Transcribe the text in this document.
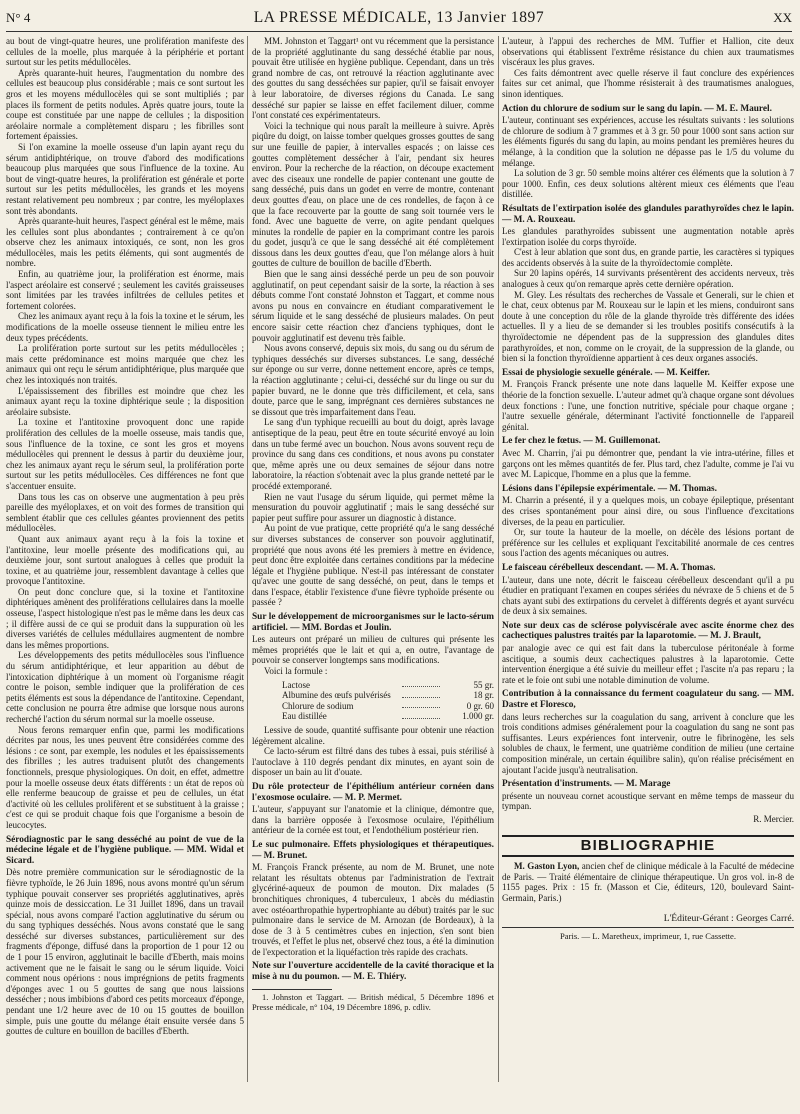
N° 4	LA PRESSE MÉDICALE, 13 Janvier 1897	XX

au bout de vingt-quatre heures, une prolifération manifeste des cellules de la moelle, plus marquée à la périphérie et portant surtout sur les petits médullocèles.

Après quarante-huit heures, l'augmentation du nombre des cellules est beaucoup plus considérable ; mais ce sont surtout les gros et les moyens médullocèles qui se sont multipliés ; par places ils forment de petits nodules. Après quatre jours, toute la coupe est constituée par une nappe de cellules ; la disposition aréolaire normale a complètement disparu ; les fibrilles sont fortement épaissies.

Si l'on examine la moelle osseuse d'un lapin ayant reçu du sérum antidiphtérique, on trouve d'abord des modifications beaucoup plus marquées que sous l'influence de la toxine. Au bout de vingt-quatre heures, la prolifération est générale et porte surtout sur les petits médullocèles, les grands et les moyens restant relativement peu nombreux ; par contre, les myéloplaxes sont très abondants.

Après quarante-huit heures, l'aspect général est le même, mais les cellules sont plus abondantes ; contrairement à ce qu'on observe chez les animaux intoxiqués, ce sont, non les gros médullocèles, mais les petits éléments, qui sont augmentés de nombre.

Enfin, au quatrième jour, la prolifération est énorme, mais l'aspect aréolaire est conservé ; seulement les cavités graisseuses sont limitées par les travées infiltrées de cellules petites et fortement colorées.

Chez les animaux ayant reçu à la fois la toxine et le sérum, les modifications de la moelle osseuse tiennent le milieu entre les deux types précédents.

La prolifération porte surtout sur les petits médullocèles ; mais cette prédominance est moins marquée que chez les animaux qui ont reçu le sérum antidiphtérique, plus marquée que chez les intoxiqués non traités.

L'épaississement des fibrilles est moindre que chez les animaux ayant reçu la toxine diphtérique seule ; la disposition aréolaire subsiste.

La toxine et l'antitoxine provoquent donc une rapide prolifération des cellules de la moelle osseuse, mais tandis que, sous l'influence de la toxine, ce sont les gros et moyens médullocèles qui prennent le dessus à partir du deuxième jour, chez les animaux ayant reçu le sérum seul, la prolifération porte surtout sur les petits médullocèles. Ces différences ne font que s'accentuer ensuite.

Dans tous les cas on observe une augmentation à peu près pareille des myéloplaxes, et on voit des formes de transition qui semblent établir que ces cellules géantes proviennent des petits médullocèles.

Quant aux animaux ayant reçu à la fois la toxine et l'antitoxine, leur moelle présente des modifications qui, au deuxième jour, sont surtout analogues à celles que produit la toxine, et au quatrième jour, ressemblent davantage à celles que provoque l'antitoxine.

On peut donc conclure que, si la toxine et l'antitoxine diphtériques amènent des proliférations cellulaires dans la moelle osseuse, l'aspect histologique n'est pas le même dans les deux cas ; il diffère aussi de ce qui se produit dans la suppuration où les diverses variétés de cellules médullaires augmentent de nombre dans les mêmes proportions.

Les développements des petits médullocèles sous l'influence du sérum antidiphtérique, et leur apparition au début de l'intoxication diphtérique à un moment où l'organisme réagit contre le poison, semble indiquer que la prolifération de ces petits éléments est sous la dépendance de l'antitoxine. Cependant, cette conclusion ne pourra être admise que lorsque nous aurons recherché l'action du sérum normal sur la moelle osseuse.

Nous ferons remarquer enfin que, parmi les modifications décrites par nous, les unes peuvent être considérées comme des lésions : ce sont, par exemple, les nodules et les épaississements des fibrilles ; les autres traduisent plutôt des changements fonctionnels, presque physiologiques. On doit, en effet, admettre pour la moelle osseuse deux états différents : un état de repos où elle renferme beaucoup de graisse et peu de cellules, un état d'activité où les cellules prolifèrent et se substituent à la graisse ; c'est ce qui se produit chaque fois que l'organisme a besoin de leucocytes.

Sérodiagnostic par le sang desséché au point de vue de la médecine légale et de l'hygiène publique. — MM. Widal et Sicard.

Dès notre première communication sur le sérodiagnostic de la fièvre typhoïde, le 26 Juin 1896, nous avons montré qu'un sérum typhique pouvait conserver ses propriétés agglutinatives, après quinze mois de dessiccation. Le 31 Juillet 1896, dans un travail spécial, nous avons comparé l'action agglutinative du sérum ou du sang typhiques desséchés. Nous avons constaté que le sang desséché sur diverses substances, particulièrement sur des fragments d'éponge, diffusé dans la proportion de 1 pour 12 ou de 1 pour 15 environ, agglutinait le bacille d'Eberth, mais moins activement que ne le faisait le sang ou le sérum liquide. Voici comment nous opérions : nous imprégnions de petits fragments d'éponges avec 1 ou 5 gouttes de sang que nous laissions dessécher ; nous imbibions d'abord ces petits morceaux d'éponge, pendant une 1/2 heure avec de 10 ou 15 gouttes de bouillon simple, puis une goutte du mélange était ensuite versée dans 5 gouttes de culture en bouillon de bacilles d'Eberth.

MM. Johnston et Taggart¹ ont vu récemment que la persistance de la propriété agglutinante du sang desséché établie par nous, pouvait être utilisée en hygiène publique. Cependant, dans un très grand nombre de cas, ont retrouvé la réaction agglutinante avec des gouttes du sang desséchées sur papier, qu'il se faisait envoyer à leur laboratoire, de diverses régions du Canada. Le sang desséché sur papier se laisse en effet facilement diluer, comme l'ont constaté ces expérimentateurs.

Voici la technique qui nous paraît la meilleure à suivre. Après piqûre du doigt, on laisse tomber quelques grosses gouttes de sang sur une feuille de papier, à intervalles espacés ; on laisse ces gouttes complètement dessécher à l'air, pendant six heures environ. Pour la recherche de la réaction, on découpe exactement avec des ciseaux une rondelle de papier contenant une goutte de sang desséché, puis dans un godet en verre de montre, contenant deux gouttes d'eau, on place une de ces rondelles, de façon à ce que la face recouverte par la goutte de sang soit tournée vers le fond. Avec une baguette de verre, on agite pendant quelques minutes la rondelle de papier en la comprimant contre les parois du godet, jusqu'à ce que le sang desséché ait été complètement dissous dans les deux gouttes d'eau, que l'on mélange alors à huit gouttes de culture de bouillon de bacille d'Eberth.

Bien que le sang ainsi desséché perde un peu de son pouvoir agglutinatif, on peut cependant saisir de la sorte, la réaction à ses débuts comme l'ont constaté Johnston et Taggart, et comme nous avons pu nous en convaincre en étudiant comparativement le sérum liquide et le sang desséché de plusieurs malades. On peut encore saisir cette réaction chez d'anciens typhiques, dont le pouvoir agglutinatif est devenu très faible.

Nous avons conservé, depuis six mois, du sang ou du sérum de typhiques desséchés sur diverses substances. Le sang, desséché sur éponge ou sur verre, donne nettement encore, après ce temps, la réaction agglutinante ; celui-ci, desséché sur du linge ou sur du papier buvard, ne le donne que très difficilement, et cela, sans doute, parce que le sang, imprégnant ces dernières substances ne se dissout que très imparfaitement dans l'eau.

Le sang d'un typhique recueilli au bout du doigt, après lavage antiseptique de la peau, peut être en toute sécurité envoyé au loin dans un tube fermé avec un bouchon. Nous avons souvent reçu de province du sang dans ces conditions, et nous avons pu constater que, même après une ou deux semaines de séjour dans notre laboratoire, la réaction s'obtenait avec la plus grande netteté par le procédé extemporané.

Rien ne vaut l'usage du sérum liquide, qui permet même la mensuration du pouvoir agglutinatif ; mais le sang desséché sur papier peut suffire pour assurer un diagnostic à distance.

Au point de vue pratique, cette propriété qu'a le sang desséché sur diverses substances de conserver son pouvoir agglutinatif, propriété que nous avons été les premiers à mettre en évidence, peut donc être exploitée dans certaines conditions par la médecine légale et l'hygiène publique. N'est-il pas intéressant de constater qu'avec une goutte de sang desséché, on peut, dans le temps et dans l'espace, établir l'existence d'une fièvre typhoïde présente ou passée ?

Sur le développement de microorganismes sur le lacto-sérum artificiel. — MM. Bordas et Joulin.

Les auteurs ont préparé un milieu de cultures qui présente les mêmes propriétés que le lait et qui a, en outre, l'avantage de pouvoir se conserver longtemps sans modifications.

Voici la formule :

Lactose	55 gr.
Albumine des œufs pulvérisés	18 gr.
Chlorure de sodium	0 gr. 60
Eau distillée	1.000 gr.

Lessive de soude, quantité suffisante pour obtenir une réaction légèrement alcaline.

Ce lacto-sérum est filtré dans des tubes à essai, puis stérilisé à l'autoclave à 110 degrés pendant dix minutes, en ayant soin de disposer un bain au lit d'ouate.

Du rôle protecteur de l'épithélium antérieur cornéen dans l'exosmose oculaire. — M. P. Mermet.

L'auteur, s'appuyant sur l'anatomie et la clinique, démontre que, dans la barrière opposée à l'exosmose oculaire, l'épithélium antérieur de la cornée est tout, et l'endothélium postérieur rien.

Le suc pulmonaire. Effets physiologiques et thérapeutiques. — M. Brunet.

M. François Franck présente, au nom de M. Brunet, une note relatant les résultats obtenus par l'administration de l'extrait glycériné-aqueux de poumon de mouton. Dix malades (5 bronchitiques chroniques, 4 tuberculeux, 1 abcès du médiastin avec ostéoarthropathie hypertrophiante au début) traités par le suc pulmonaire dans le service de M. Arnozan (de Bordeaux), à la dose de 3 à 5 centimètres cubes en injection, s'en sont bien trouvés, et l'effet le plus net, observé chez tous, a été la diminution de l'expectoration et la liquéfaction très rapide des crachats.

Note sur l'ouverture accidentelle de la cavité thoracique et la mise à nu du poumon. — M. E. Thiéry.

1. Johnston et Taggart. — British médical, 5 Décembre 1896 et Presse médicale, n° 104, 19 Décembre 1896, p. cdliv.

L'auteur, à l'appui des recherches de MM. Tuffier et Hallion, cite deux observations qui établissent l'extrême résistance du chien aux traumatismes viscéraux les plus graves.

Ces faits démontrent avec quelle réserve il faut conclure des expériences faites sur cet animal, que l'homme résisterait à des traumatismes analogues, sinon identiques.

Action du chlorure de sodium sur le sang du lapin. — M. E. Maurel.

L'auteur, continuant ses expériences, accuse les résultats suivants : les solutions de chlorure de sodium à 7 grammes et à 3 gr. 50 pour 1000 sont sans action sur les éléments figurés du sang du lapin, au moins pendant les premières heures du mélange, à la condition que la solution ne dépasse pas le 1/5 du volume du mélange.

La solution de 3 gr. 50 semble moins altérer ces éléments que la solution à 7 pour 1000. Enfin, ces deux solutions altèrent mieux ces éléments que l'eau distillée.

Résultats de l'extirpation isolée des glandules parathyroïdes chez le lapin. — M. A. Rouxeau.

Les glandules parathyroïdes subissent une augmentation notable après l'extirpation isolée du corps thyroïde.

C'est à leur ablation que sont dus, en grande partie, les caractères si typiques des accidents observés à la suite de la thyroïdectomie complète.

Sur 20 lapins opérés, 14 survivants présentèrent des accidents nerveux, très analogues à ceux qu'on remarque après cette dernière opération.

M. Gley. Les résultats des recherches de Vassale et Generali, sur le chien et le chat, ceux obtenus par M. Rouxeau sur le lapin et les miens, conduiront sans doute à une conception du rôle de la glande thyroïde très différente des idées actuelles. Il y a lieu de se demander si les troubles positifs consécutifs à la thyroïdectomie ne dépendent pas de la suppression des glandules dites parathyroïdes, et non, comme on le croyait, de la suppression de la glande, ou bien si la fonction thyroïdienne appartient à ces deux organes associés.

Essai de physiologie sexuelle générale. — M. Keiffer.

M. François Franck présente une note dans laquelle M. Keiffer expose une théorie de la fonction sexuelle. L'auteur admet qu'à chaque organe sont dévolues deux fonctions : l'une, une fonction nutritive, spéciale pour chaque organe ; l'autre sexuelle générale, déterminant l'activité fonctionnelle de l'appareil génital.

Le fer chez le fœtus. — M. Guillemonat.

Avec M. Charrin, j'ai pu démontrer que, pendant la vie intra-utérine, filles et garçons ont les mêmes quantités de fer. Plus tard, chez l'adulte, comme je l'ai vu avec M. Lapicque, l'homme en a plus que la femme.

Lésions dans l'épilepsie expérimentale. — M. Thomas.

M. Charrin a présenté, il y a quelques mois, un cobaye épileptique, présentant des crises spontanément pour ainsi dire, ou sous l'influence d'excitations diverses, de la peau en particulier.

Or, sur toute la hauteur de la moelle, on décèle des lésions portant de préférence sur les cellules et expliquant l'excitabilité anormale de ces centres sous l'action des agents mécaniques ou autres.

Le faisceau cérébelleux descendant. — M. A. Thomas.

L'auteur, dans une note, décrit le faisceau cérébelleux descendant qu'il a pu étudier en pratiquant l'examen en coupes sériées du névraxe de 5 chiens et de 5 chats ayant subi des extirpations du cervelet à différents degrés et ayant survécu de deux à six semaines.

Note sur deux cas de sclérose polyviscérale avec ascite énorme chez des cachectiques palustres traités par la laparotomie. — M. J. Brault,

par analogie avec ce qui est fait dans la tuberculose péritonéale à forme ascitique, a soumis deux cachectiques palustres à la laparotomie. Cette intervention énergique a été suivie du meilleur effet ; l'ascite n'a pas reparu ; la rate et le foie ont subi une notable diminution de volume.

Contribution à la connaissance du ferment coagulateur du sang. — MM. Dastre et Floresco,

dans leurs recherches sur la coagulation du sang, arrivent à conclure que les trois conditions admises généralement pour la coagulation du sang ne sont pas suffisantes. Leurs expériences font intervenir, outre le fibrinogène, les sels solubles de chaux, le ferment, une quatrième condition de milieu (une certaine composition minérale, un certain équilibre salin), qu'on réalise précisément en ajoutant l'acide jusqu'à neutralisation.

Présentation d'instruments. — M. Marage

présente un nouveau cornet acoustique servant en même temps de masseur du tympan.

R. Mercier.
BIBLIOGRAPHIE

M. Gaston Lyon, ancien chef de clinique médicale à la Faculté de médecine de Paris. — Traité élémentaire de clinique thérapeutique. Un gros vol. in-8 de 1155 pages. Prix : 15 fr. (Masson et Cie, éditeurs, 120, boulevard Saint-Germain, Paris.)

L'Éditeur-Gérant : Georges Carré.
Paris. — L. Maretheux, imprimeur, 1, rue Cassette.
